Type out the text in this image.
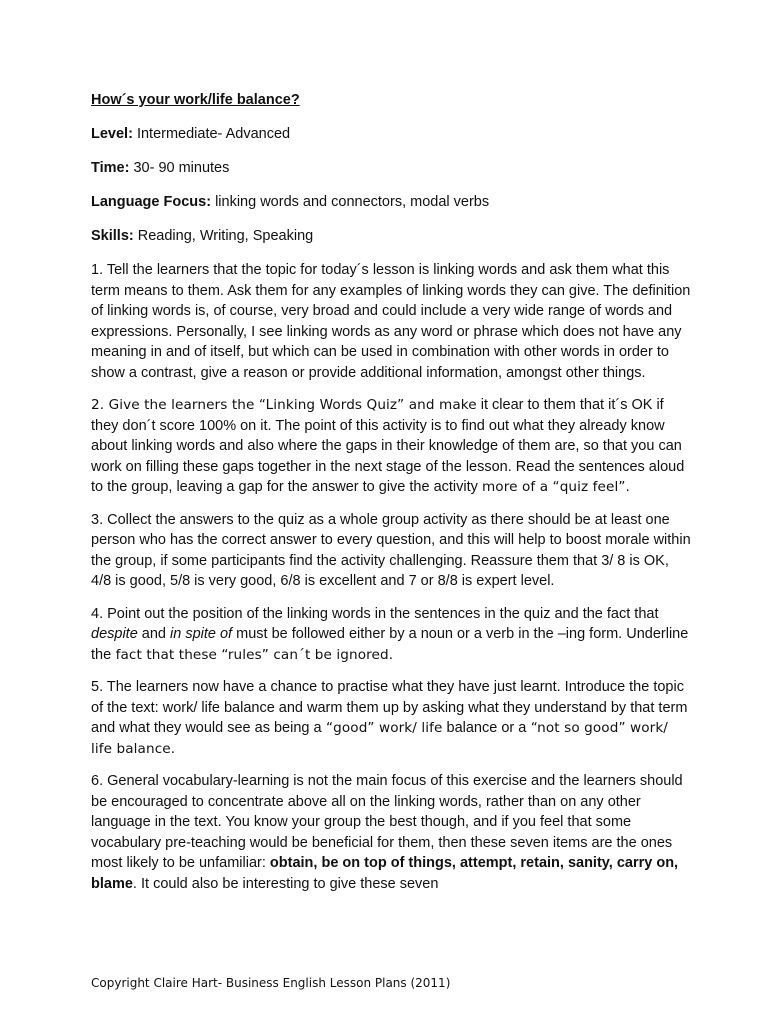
How´s your work/life balance?
Level: Intermediate- Advanced
Time: 30- 90 minutes
Language Focus: linking words and connectors, modal verbs
Skills: Reading, Writing, Speaking

1. Tell the learners that the topic for today´s lesson is linking words and ask them what this term means to them. Ask them for any examples of linking words they can give. The definition of linking words is, of course, very broad and could include a very wide range of words and expressions. Personally, I see linking words as any word or phrase which does not have any meaning in and of itself, but which can be used in combination with other words in order to show a contrast, give a reason or provide additional information, amongst other things.

2. Give the learners the “Linking Words Quiz” and make it clear to them that it´s OK if they don´t score 100% on it. The point of this activity is to find out what they already know about linking words and also where the gaps in their knowledge of them are, so that you can work on filling these gaps together in the next stage of the lesson. Read the sentences aloud to the group, leaving a gap for the answer to give the activity more of a “quiz feel”.

3. Collect the answers to the quiz as a whole group activity as there should be at least one person who has the correct answer to every question, and this will help to boost morale within the group, if some participants find the activity challenging. Reassure them that 3/ 8 is OK, 4/8 is good, 5/8 is very good, 6/8 is excellent and 7 or 8/8 is expert level.

4. Point out the position of the linking words in the sentences in the quiz and the fact that despite and in spite of must be followed either by a noun or a verb in the –ing form. Underline the fact that these “rules” can´t be ignored.

5. The learners now have a chance to practise what they have just learnt. Introduce the topic of the text: work/ life balance and warm them up by asking what they understand by that term and what they would see as being a “good” work/ life balance or a “not so good” work/ life balance.

6. General vocabulary-learning is not the main focus of this exercise and the learners should be encouraged to concentrate above all on the linking words, rather than on any other language in the text. You know your group the best though, and if you feel that some vocabulary pre-teaching would be beneficial for them, then these seven items are the ones most likely to be unfamiliar: obtain, be on top of things, attempt, retain, sanity, carry on, blame. It could also be interesting to give these seven

Copyright Claire Hart- Business English Lesson Plans (2011)
